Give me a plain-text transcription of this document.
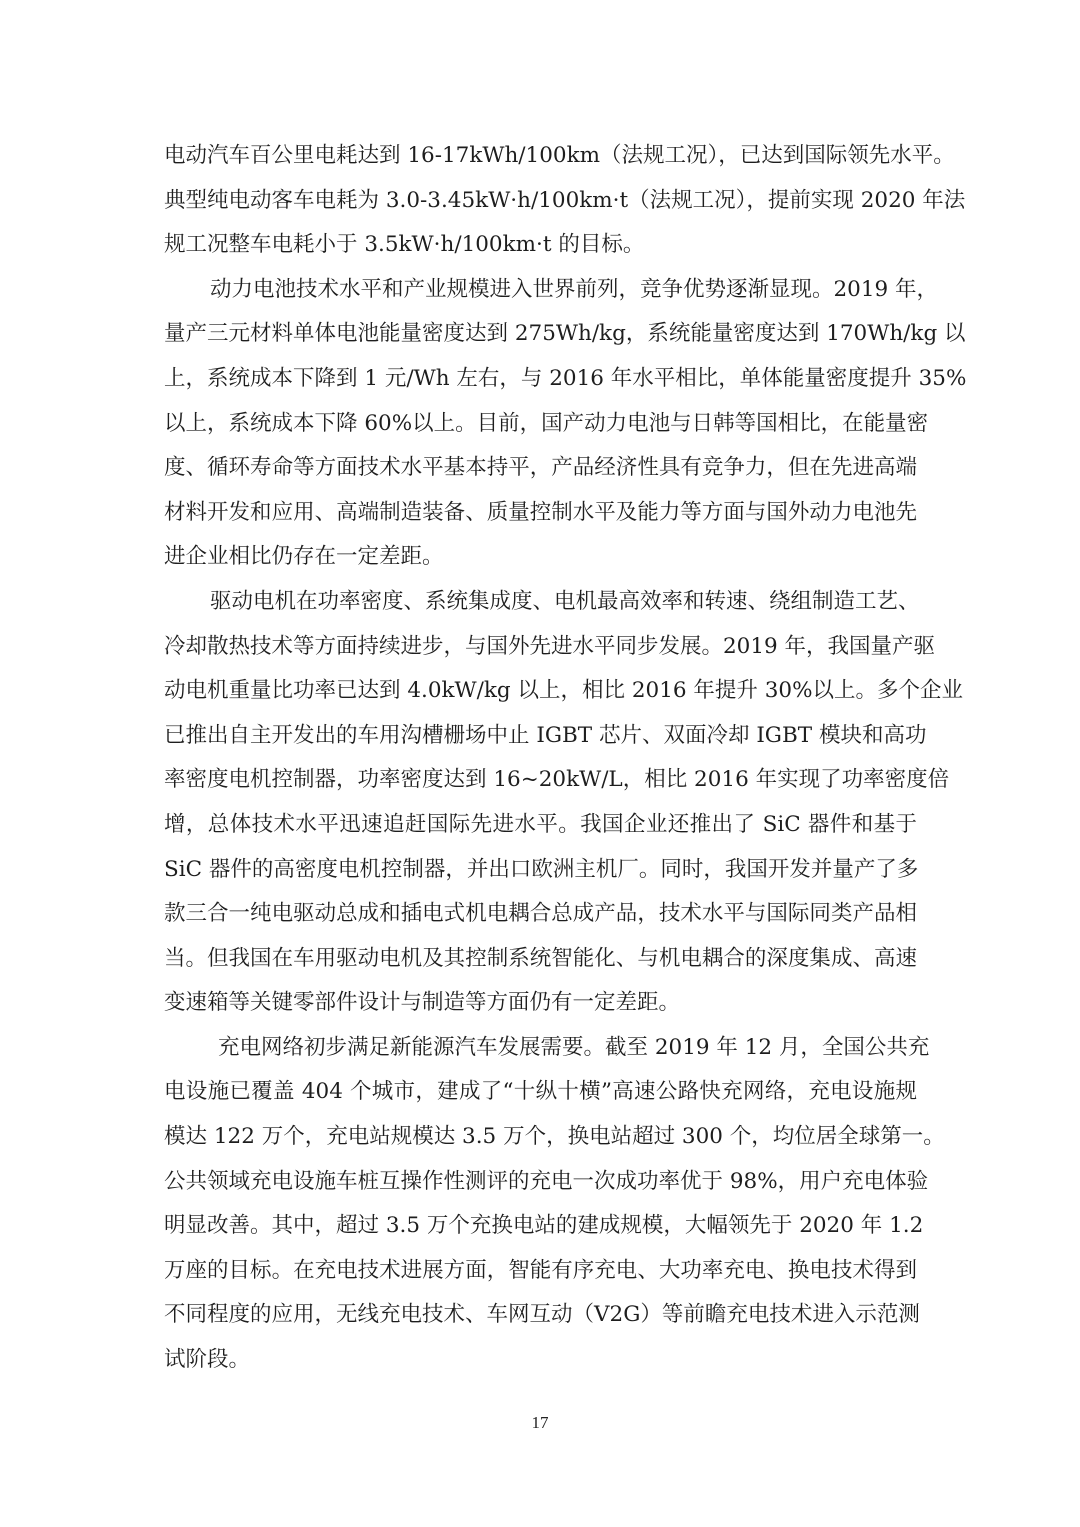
电动汽车百公里电耗达到 16-17kWh/100km（法规工况），已达到国际领先水平。
典型纯电动客车电耗为 3.0-3.45kW·h/100km·t（法规工况），提前实现 2020 年法
规工况整车电耗小于 3.5kW·h/100km·t 的目标。
动力电池技术水平和产业规模进入世界前列，竞争优势逐渐显现。2019 年，
量产三元材料单体电池能量密度达到 275Wh/kg，系统能量密度达到 170Wh/kg 以
上，系统成本下降到 1 元/Wh 左右，与 2016 年水平相比，单体能量密度提升 35%
以上，系统成本下降 60%以上。目前，国产动力电池与日韩等国相比，在能量密
度、循环寿命等方面技术水平基本持平，产品经济性具有竞争力，但在先进高端
材料开发和应用、高端制造装备、质量控制水平及能力等方面与国外动力电池先
进企业相比仍存在一定差距。
驱动电机在功率密度、系统集成度、电机最高效率和转速、绕组制造工艺、
冷却散热技术等方面持续进步，与国外先进水平同步发展。2019 年，我国量产驱
动电机重量比功率已达到 4.0kW/kg 以上，相比 2016 年提升 30%以上。多个企业
已推出自主开发出的车用沟槽栅场中止 IGBT 芯片、双面冷却 IGBT 模块和高功
率密度电机控制器，功率密度达到 16~20kW/L，相比 2016 年实现了功率密度倍
增，总体技术水平迅速追赶国际先进水平。我国企业还推出了 SiC 器件和基于
SiC 器件的高密度电机控制器，并出口欧洲主机厂。同时，我国开发并量产了多
款三合一纯电驱动总成和插电式机电耦合总成产品，技术水平与国际同类产品相
当。但我国在车用驱动电机及其控制系统智能化、与机电耦合的深度集成、高速
变速箱等关键零部件设计与制造等方面仍有一定差距。
充电网络初步满足新能源汽车发展需要。截至 2019 年 12 月，全国公共充
电设施已覆盖 404 个城市，建成了“十纵十横”高速公路快充网络，充电设施规
模达 122 万个，充电站规模达 3.5 万个，换电站超过 300 个，均位居全球第一。
公共领域充电设施车桩互操作性测评的充电一次成功率优于 98%，用户充电体验
明显改善。其中，超过 3.5 万个充换电站的建成规模，大幅领先于 2020 年 1.2
万座的目标。在充电技术进展方面，智能有序充电、大功率充电、换电技术得到
不同程度的应用，无线充电技术、车网互动（V2G）等前瞻充电技术进入示范测
试阶段。
17
